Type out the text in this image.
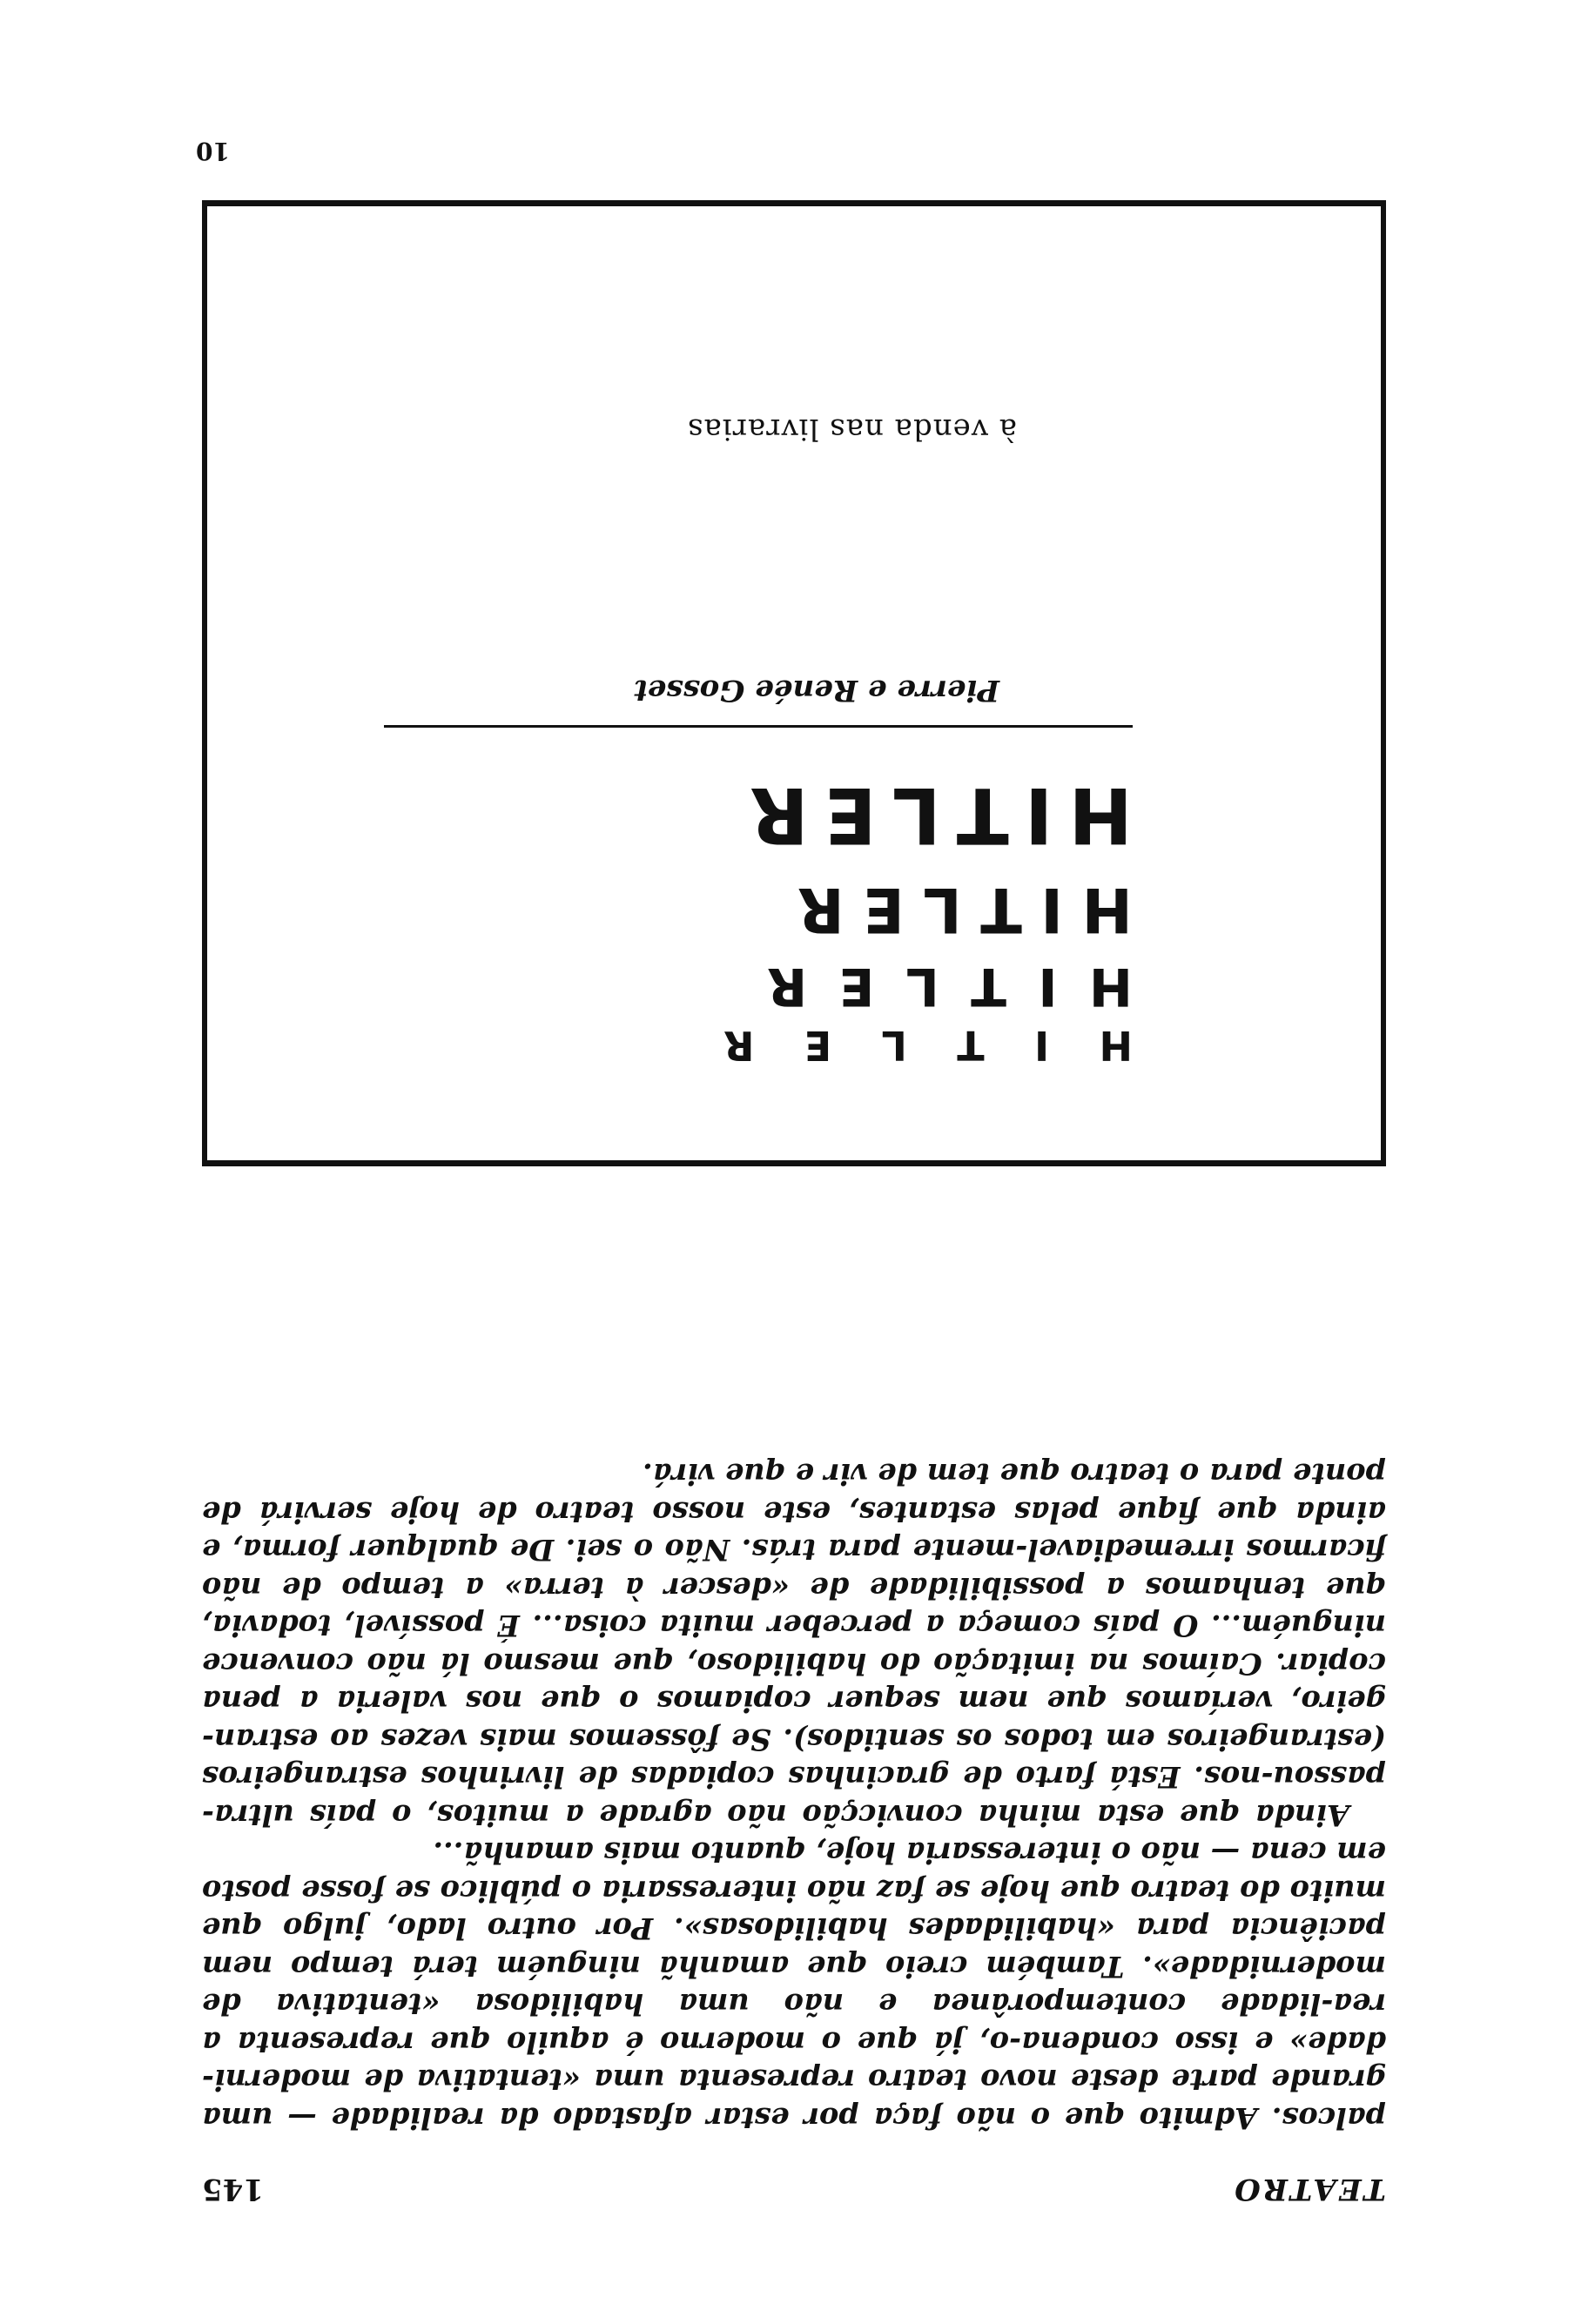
TEATRO
145

palcos. Admito que o não faça por estar afastado da realidade — uma grande parte deste novo teatro representa uma «tentativa de moderni-dade» e isso condena-o, já que o moderno é aquilo que representa a rea-lidade contemporânea e não uma habilidosa «tentativa de modernidade». Também creio que amanhã ninguém terá tempo nem paciência para «habilidades habilidosas». Por outro lado, julgo que muito do teatro que hoje se faz não interessaria o público se fosse posto em cena — não o interessaria hoje, quanto mais amanhã...

Ainda que esta minha convicção não agrade a muitos, o país ultra-passou-nos. Está farto de gracinhas copiadas de livrinhos estrangeiros (estrangeiros em todos os sentidos). Se fôssemos mais vezes ao estran-geiro, veríamos que nem sequer copiamos o que nos valeria a pena copiar. Caímos na imitação do habilidoso, que mesmo lá não convence ninguém... O país começa a perceber muita coisa... É possível, todavia, que tenhamos a possibilidade de «descer à terra» a tempo de não ficarmos irremediavel-mente para trás. Não o sei. De qualquer forma, e ainda que fique pelas estantes, este nosso teatro de hoje servirá de ponte para o teatro que tem de vir e que virá.

H
I
T
L
E
R
H
I
T
L
E
R
H
I
T
L
E
R
H
I
T
L
E
R
Pierre e Renée Gosset
à venda nas livrarias
10
